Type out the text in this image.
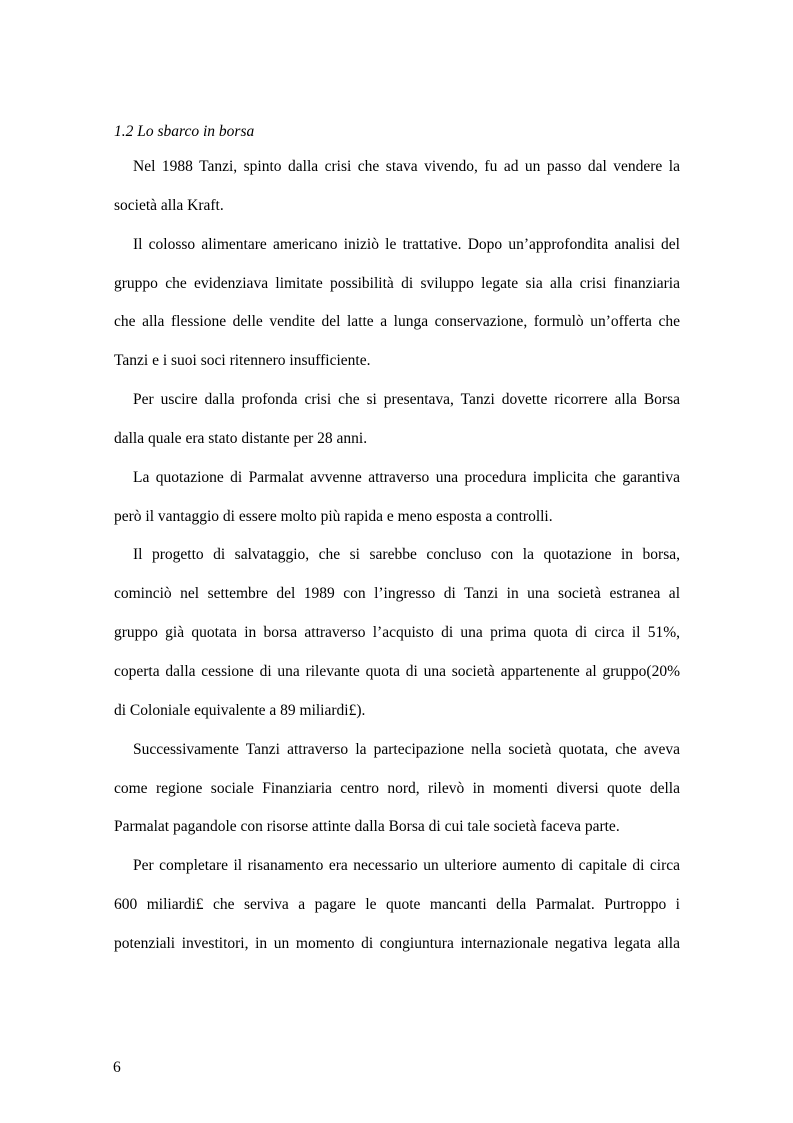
1.2 Lo sbarco in borsa
Nel 1988 Tanzi, spinto dalla crisi che stava vivendo, fu ad un passo dal vendere la
società alla Kraft.
Il colosso alimentare americano iniziò le trattative. Dopo un’approfondita analisi del
gruppo che evidenziava limitate possibilità di sviluppo legate sia alla crisi finanziaria
che alla flessione delle vendite del latte a lunga conservazione, formulò un’offerta che
Tanzi e i suoi soci ritennero insufficiente.
Per uscire dalla profonda crisi che si presentava, Tanzi dovette ricorrere alla Borsa
dalla quale era stato distante per 28 anni.
La quotazione di Parmalat avvenne attraverso una procedura implicita che garantiva
però il vantaggio di essere molto più rapida e meno esposta a controlli.
Il progetto di salvataggio, che si sarebbe concluso con la quotazione in borsa,
cominciò nel settembre del 1989 con l’ingresso di Tanzi in una società estranea al
gruppo già quotata in borsa attraverso l’acquisto di una prima quota di circa il 51%,
coperta dalla cessione di una rilevante quota di una società appartenente al gruppo(20%
di Coloniale equivalente a 89 miliardi£).
Successivamente Tanzi attraverso la partecipazione nella società quotata, che aveva
come regione sociale Finanziaria centro nord, rilevò in momenti diversi quote della
Parmalat pagandole con risorse attinte dalla Borsa di cui tale società faceva parte.
Per completare il risanamento era necessario un ulteriore aumento di capitale di circa
600 miliardi£ che serviva a pagare le quote mancanti della Parmalat. Purtroppo i
potenziali investitori, in un momento di congiuntura internazionale negativa legata alla
6
